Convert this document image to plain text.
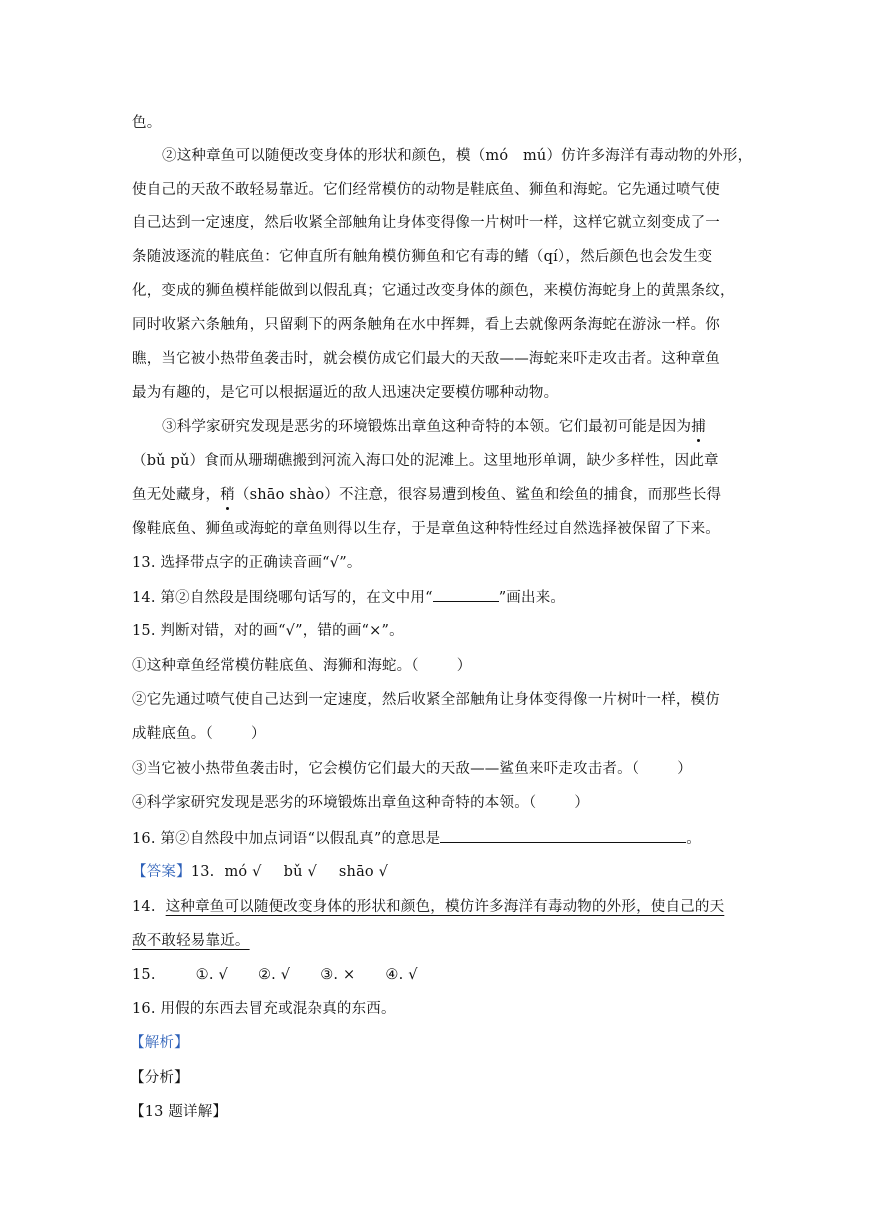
色。
②这种章鱼可以随便改变身体的形状和颜色，模（mó　mú）仿许多海洋有毒动物的外形，
使自己的天敌不敢轻易靠近。它们经常模仿的动物是鞋底鱼、狮鱼和海蛇。它先通过喷气使
自己达到一定速度，然后收紧全部触角让身体变得像一片树叶一样，这样它就立刻变成了一
条随波逐流的鞋底鱼：它伸直所有触角模仿狮鱼和它有毒的鳍（qí），然后颜色也会发生变
化，变成的狮鱼模样能做到以假乱真；它通过改变身体的颜色，来模仿海蛇身上的黄黑条纹，
同时收紧六条触角，只留剩下的两条触角在水中挥舞，看上去就像两条海蛇在游泳一样。你
瞧，当它被小热带鱼袭击时，就会模仿成它们最大的天敌——海蛇来吓走攻击者。这种章鱼
最为有趣的，是它可以根据逼近的敌人迅速决定要模仿哪种动物。
③科学家研究发现是恶劣的环境锻炼出章鱼这种奇特的本领。它们最初可能是因为捕
（bǔ pǔ）食而从珊瑚礁搬到河流入海口处的泥滩上。这里地形单调，缺少多样性，因此章
鱼无处藏身，稍（shāo shào）不注意，很容易遭到梭鱼、鲨鱼和绘鱼的捕食，而那些长得
像鞋底鱼、狮鱼或海蛇的章鱼则得以生存，于是章鱼这种特性经过自然选择被保留了下来。
13. 选择带点字的正确读音画“√”。
14. 第②自然段是围绕哪句话写的，在文中用“	”画出来。
15. 判断对错，对的画“√”，错的画“×”。
①这种章鱼经常模仿鞋底鱼、海狮和海蛇。（	）
②它先通过喷气使自己达到一定速度，然后收紧全部触角让身体变得像一片树叶一样，模仿
成鞋底鱼。（	）
③当它被小热带鱼袭击时，它会模仿它们最大的天敌——鲨鱼来吓走攻击者。（	）
④科学家研究发现是恶劣的环境锻炼出章鱼这种奇特的本领。（	）
16. 第②自然段中加点词语“以假乱真”的意思是	。
【答案】13. mó √ bǔ √ shāo √
14. 这种章鱼可以随便改变身体的形状和颜色，模仿许多海洋有毒动物的外形，使自己的天
敌不敢轻易靠近。
15.	①. √ ②. √ ③. × ④. √
16. 用假的东西去冒充或混杂真的东西。
【解析】
【分析】
【13 题详解】
